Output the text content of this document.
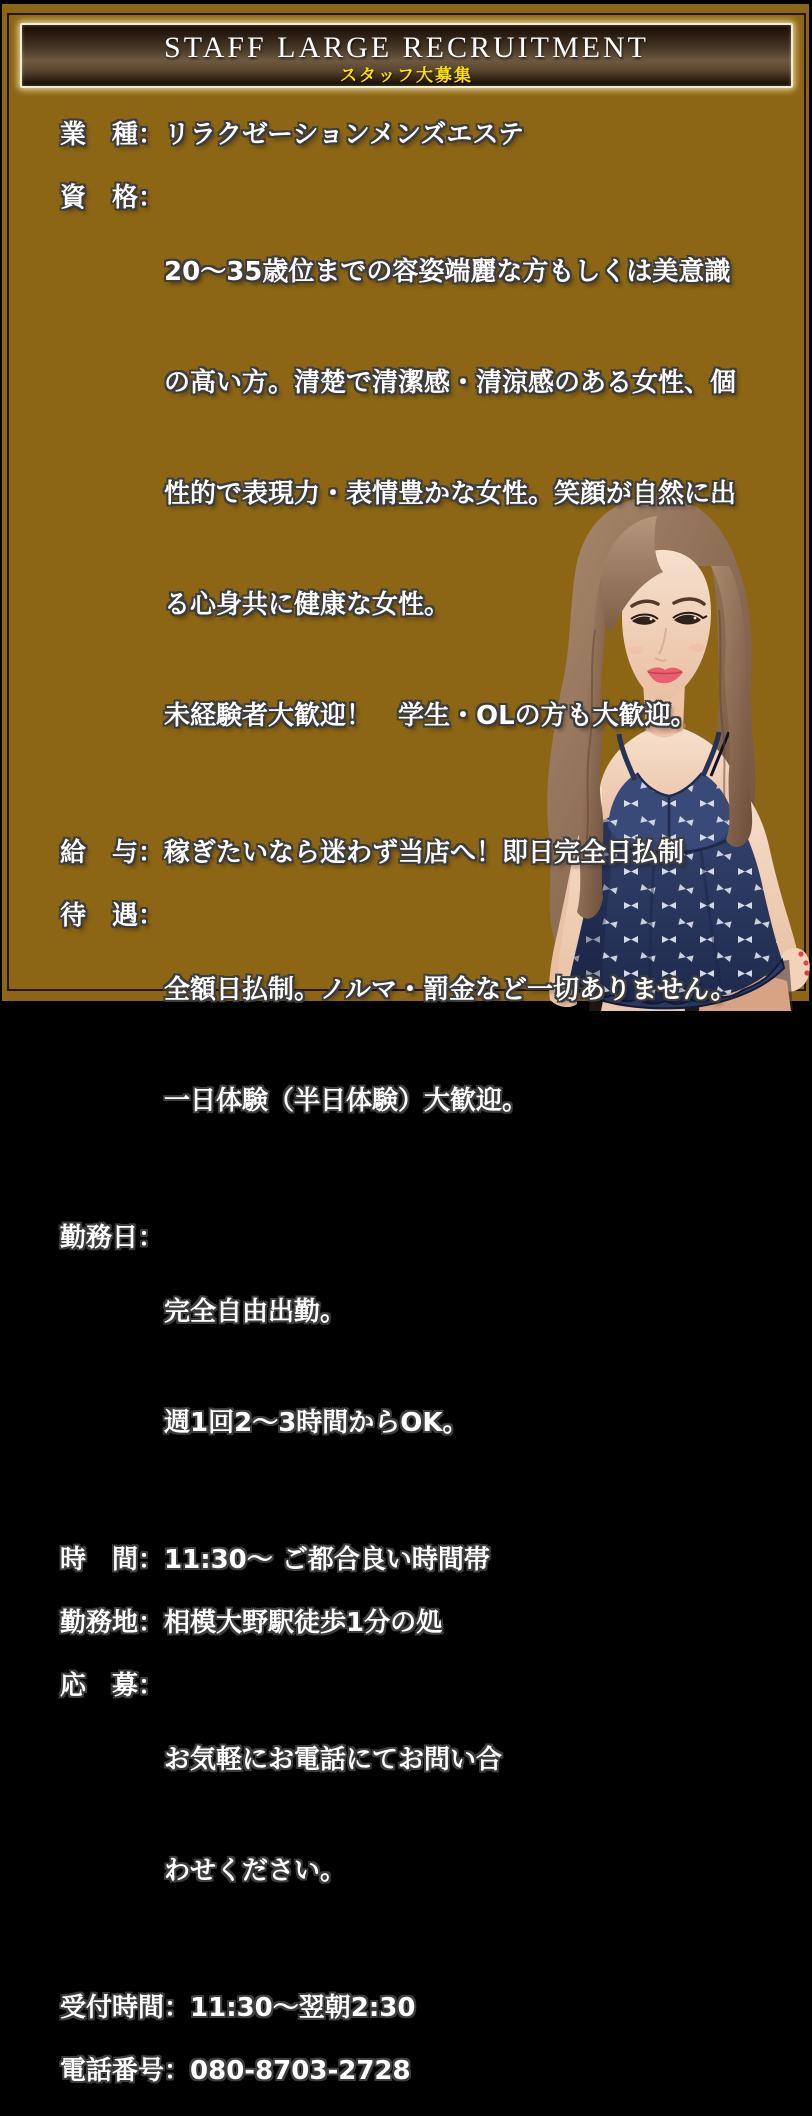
STAFF LARGE RECRUITMENT
スタッフ大募集
業　種： リラクゼーションメンズエステ
資　格：

20〜35歳位までの容姿端麗な方もしくは美意識

の高い方。清楚で清潔感・清涼感のある女性、個

性的で表現力・表情豊かな女性。笑顔が自然に出

る心身共に健康な女性。

未経験者大歓迎！　学生・OLの方も大歓迎。

給　与： 稼ぎたいなら迷わず当店へ！即日完全日払制
待　遇：

全額日払制。ノルマ・罰金など一切ありません。

一日体験（半日体験）大歓迎。

勤務日：

完全自由出勤。

週1回2〜3時間からOK。

時　間： 11:30〜 ご都合良い時間帯
勤務地： 相模大野駅徒歩1分の処
応　募：

お気軽にお電話にてお問い合

わせください。

受付時間： 11:30〜翌朝2:30
電話番号： 080-8703-2728
